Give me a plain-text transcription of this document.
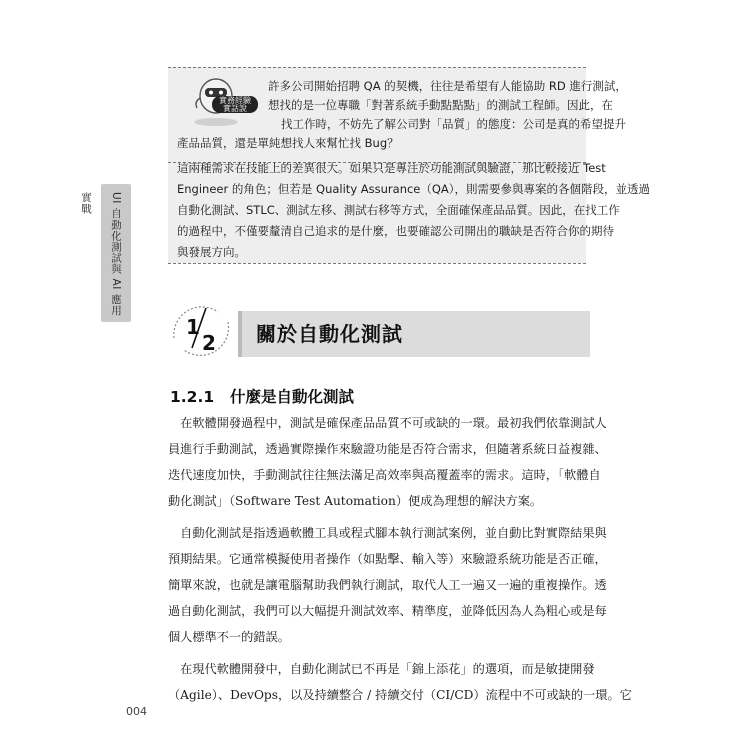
UI 自動化測試與 AI 應用實戰
實務經驗
實話說
許多公司開始招聘 QA 的契機，往往是希望有人能協助 RD 進行測試，
想找的是一位專職「對著系統手動點點點」的測試工程師。因此，在
找工作時，不妨先了解公司對「品質」的態度：公司是真的希望提升
產品品質，還是單純想找人來幫忙找 Bug？
這兩種需求在技能上的差異很大。如果只是專注於功能測試與驗證，那比較接近 Test
Engineer 的角色；但若是 Quality Assurance（QA），則需要參與專案的各個階段，並透過
自動化測試、STLC、測試左移、測試右移等方式，全面確保產品品質。因此，在找工作
的過程中，不僅要釐清自己追求的是什麼，也要確認公司開出的職缺是否符合你的期待
與發展方向。
1
2 關於自動化測試
1.2.1 什麼是自動化測試
　在軟體開發過程中，測試是確保產品品質不可或缺的一環。最初我們依靠測試人
員進行手動測試，透過實際操作來驗證功能是否符合需求，但隨著系統日益複雜、
迭代速度加快，手動測試往往無法滿足高效率與高覆蓋率的需求。這時，「軟體自
動化測試」（Software Test Automation）便成為理想的解決方案。
　自動化測試是指透過軟體工具或程式腳本執行測試案例，並自動比對實際結果與
預期結果。它通常模擬使用者操作（如點擊、輸入等）來驗證系統功能是否正確，
簡單來說，也就是讓電腦幫助我們執行測試，取代人工一遍又一遍的重複操作。透
過自動化測試，我們可以大幅提升測試效率、精準度，並降低因為人為粗心或是每
個人標準不一的錯誤。
　在現代軟體開發中，自動化測試已不再是「錦上添花」的選項，而是敏捷開發
（Agile）、DevOps，以及持續整合 / 持續交付（CI/CD）流程中不可或缺的一環。它
004
